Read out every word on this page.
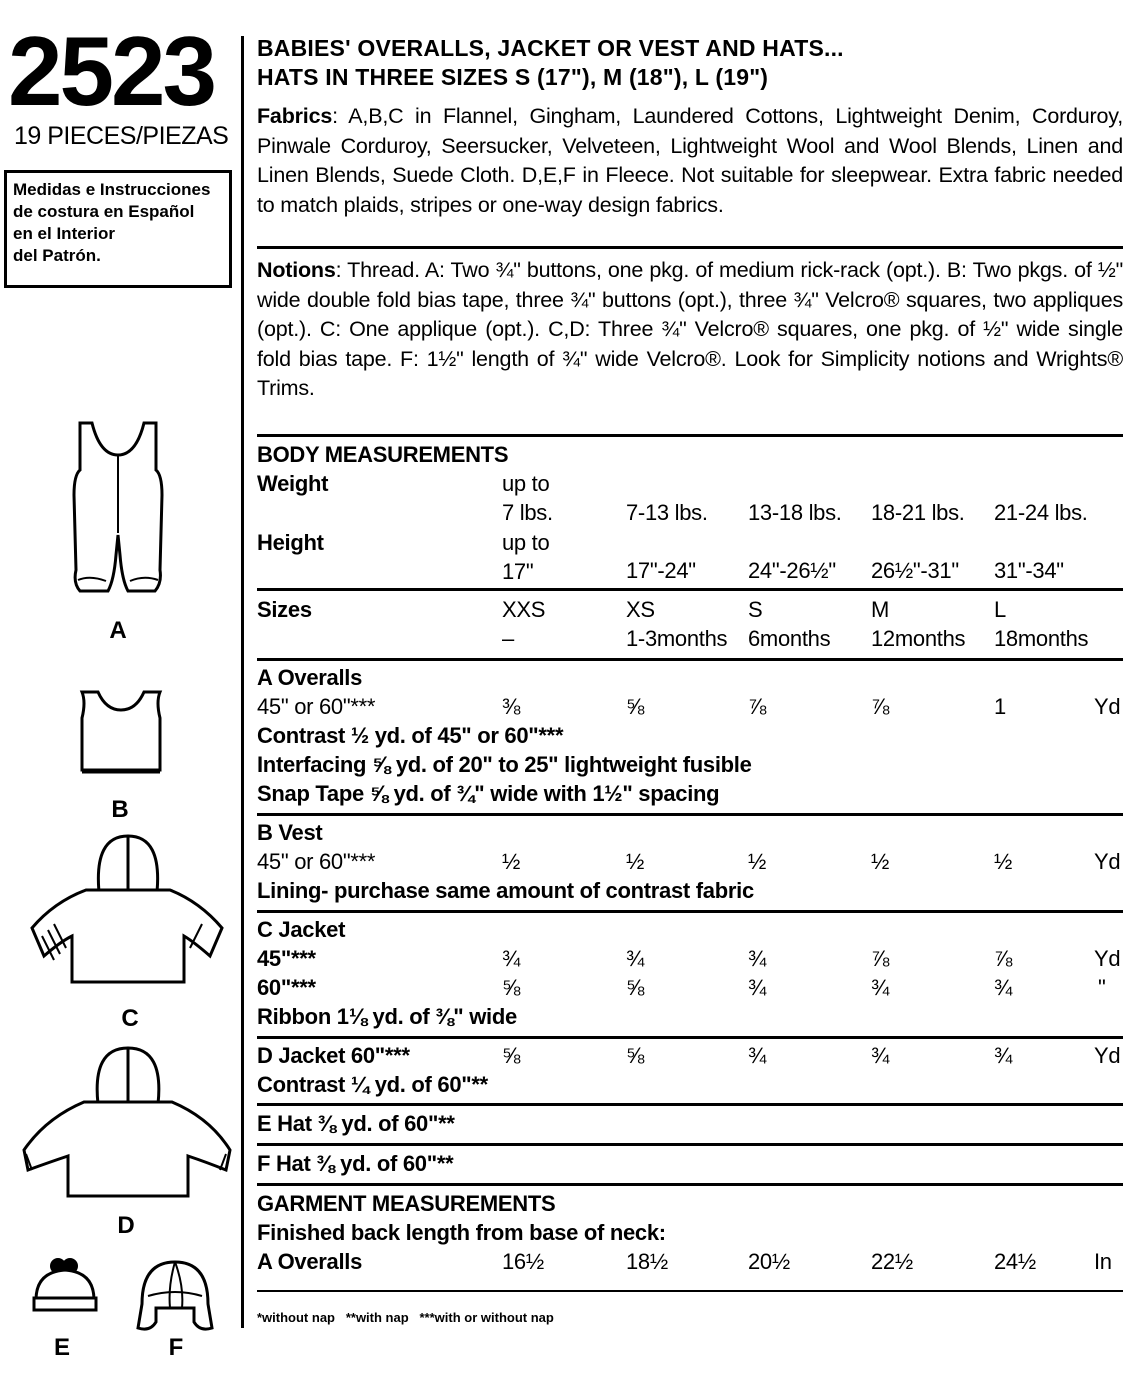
2523
19 PIECES/PIEZAS
Medidas e Instrucciones
de costura en Español
en el Interior
del Patrón.
BABIES' OVERALLS, JACKET OR VEST AND HATS...
HATS IN THREE SIZES S (17"), M (18"), L (19")
Fabrics: A,B,C in Flannel, Gingham, Laundered Cottons, Lightweight Denim, Corduroy, Pinwale Corduroy, Seersucker, Velveteen, Lightweight Wool and Wool Blends, Linen and Linen Blends, Suede Cloth. D,E,F in Fleece. Not suitable for sleepwear. Extra fabric needed to match plaids, stripes or one-way design fabrics.
Notions: Thread. A: Two ¾" buttons, one pkg. of medium rick-rack (opt.). B: Two pkgs. of ½" wide double fold bias tape, three ¾" buttons (opt.), three ¾" Velcro® squares, two appliques (opt.). C: One applique (opt.). C,D: Three ¾" Velcro® squares, one pkg. of ½" wide single fold bias tape. F: 1½" length of ¾" wide Velcro®. Look for Simplicity notions and Wrights® Trims.
BODY MEASUREMENTS
Weight
Height
up to
7 lbs.	7-13 lbs. 13-18 lbs. 18-21 lbs. 21-24 lbs.
up to
17"	17"-24" 24"-26½" 26½"-31" 31"-34"
Sizes	XXS	XS	S	M	L
–	1-3months 6months 12months 18months
A Overalls
45" or 60"***	⅜	⅝	⅞	⅞	1	Yd
Contrast ½ yd. of 45" or 60"***
Interfacing ⅝ yd. of 20" to 25" lightweight fusible
Snap Tape ⅝ yd. of ¾" wide with 1½" spacing
B Vest
45" or 60"***	½	½	½	½	½	Yd
Lining- purchase same amount of contrast fabric
C Jacket
45"***	¾	¾	¾	⅞	⅞	Yd
60"***	⅝	⅝	¾	¾	¾	"
Ribbon 1⅛ yd. of ⅜" wide
D Jacket 60"***	⅝	⅝	¾	¾	¾	Yd
Contrast ¼ yd. of 60"**
E Hat ⅜ yd. of 60"**
F Hat ⅜ yd. of 60"**
GARMENT MEASUREMENTS
Finished back length from base of neck:
A Overalls	16½	18½	20½	22½	24½	In
*without nap   **with nap   ***with or without nap
A
B
C
D
E	F
